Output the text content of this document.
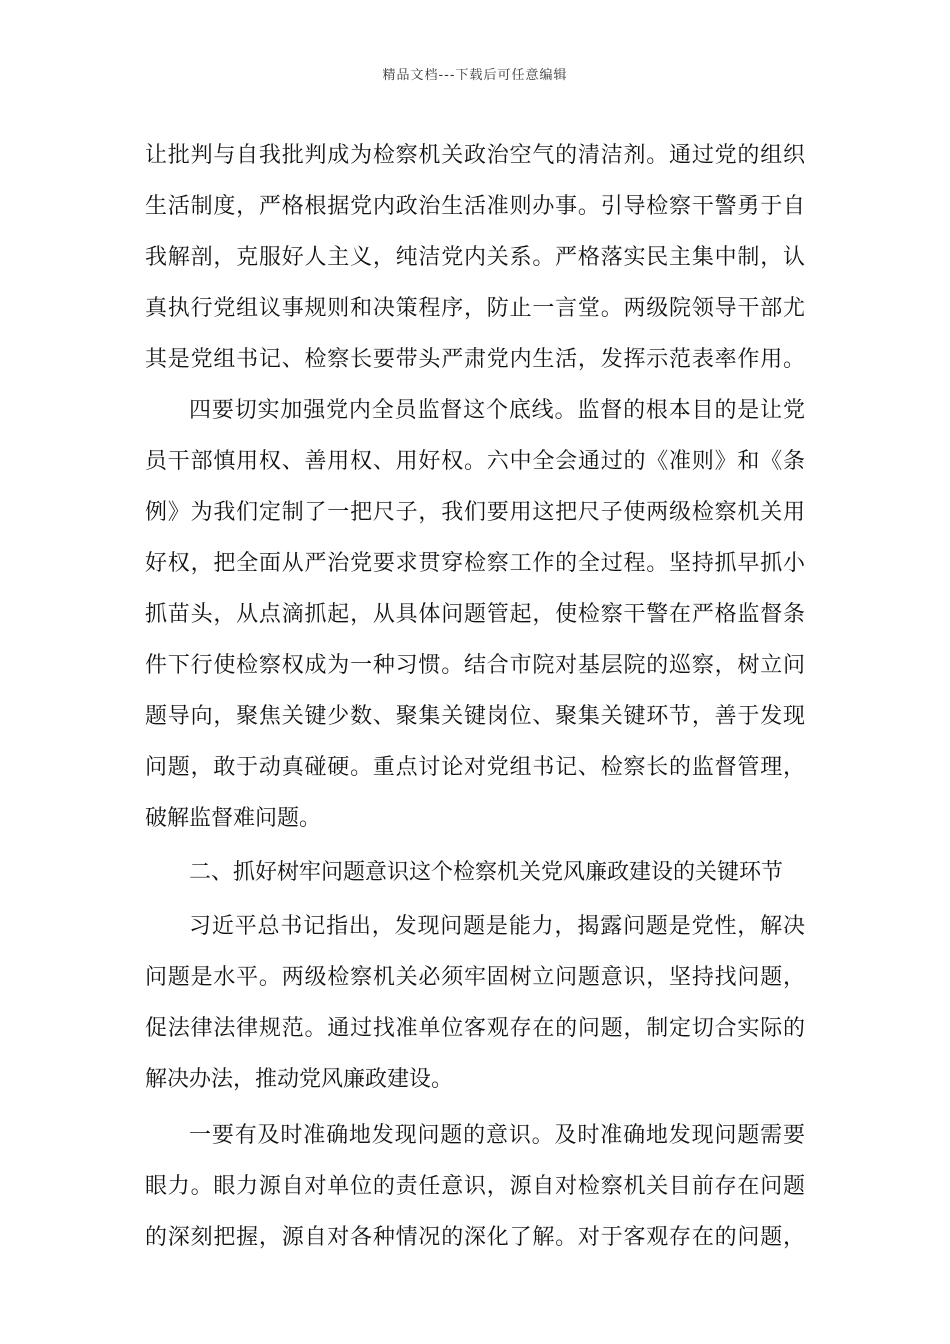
精品文档---下载后可任意编辑
让批判与自我批判成为检察机关政治空气的清洁剂。通过党的组织
生活制度，严格根据党内政治生活准则办事。引导检察干警勇于自
我解剖，克服好人主义，纯洁党内关系。严格落实民主集中制，认
真执行党组议事规则和决策程序，防止一言堂。两级院领导干部尤
其是党组书记、检察长要带头严肃党内生活，发挥示范表率作用。
四要切实加强党内全员监督这个底线。监督的根本目的是让党
员干部慎用权、善用权、用好权。六中全会通过的《准则》和《条
例》为我们定制了一把尺子，我们要用这把尺子使两级检察机关用
好权，把全面从严治党要求贯穿检察工作的全过程。坚持抓早抓小
抓苗头，从点滴抓起，从具体问题管起，使检察干警在严格监督条
件下行使检察权成为一种习惯。结合市院对基层院的巡察，树立问
题导向，聚焦关键少数、聚集关键岗位、聚集关键环节，善于发现
问题，敢于动真碰硬。重点讨论对党组书记、检察长的监督管理，
破解监督难问题。
二、抓好树牢问题意识这个检察机关党风廉政建设的关键环节
习近平总书记指出，发现问题是能力，揭露问题是党性，解决
问题是水平。两级检察机关必须牢固树立问题意识，坚持找问题，
促法律法律规范。通过找准单位客观存在的问题，制定切合实际的
解决办法，推动党风廉政建设。
一要有及时准确地发现问题的意识。及时准确地发现问题需要
眼力。眼力源自对单位的责任意识，源自对检察机关目前存在问题
的深刻把握，源自对各种情况的深化了解。对于客观存在的问题，
